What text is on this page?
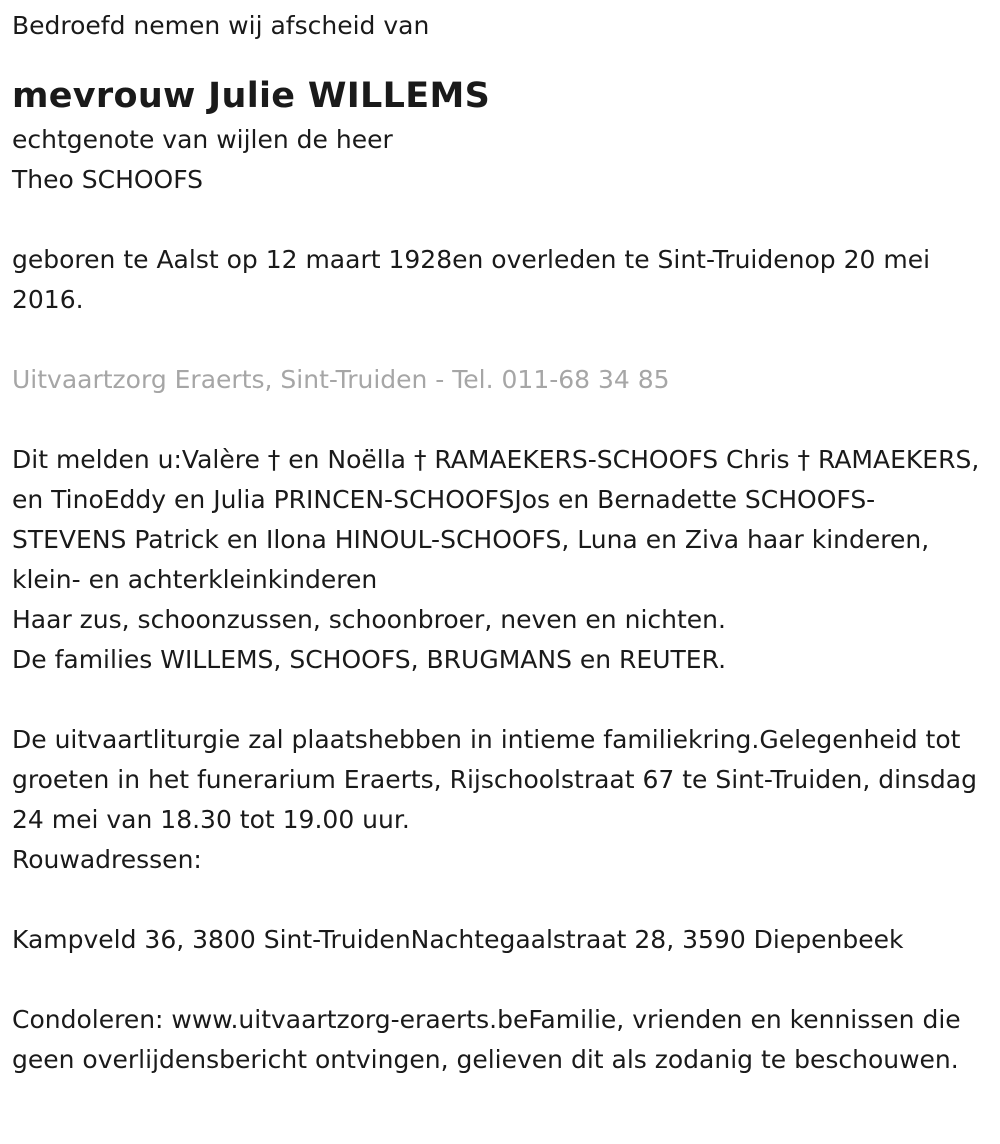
Bedroefd nemen wij afscheid van

mevrouw Julie WILLEMS

echtgenote van wijlen de heer

Theo SCHOOFS

geboren te Aalst op 12 maart 1928en overleden te Sint-Truidenop 20 mei 2016.

Uitvaartzorg Eraerts, Sint-Truiden - Tel. 011-68 34 85

Dit melden u:Valère † en Noëlla † RAMAEKERS-SCHOOFS Chris † RAMAEKERS, en TinoEddy en Julia PRINCEN-SCHOOFSJos en Bernadette SCHOOFS-STEVENS Patrick en Ilona HINOUL-SCHOOFS, Luna en Ziva haar kinderen, klein- en achterkleinkinderen

Haar zus, schoonzussen, schoonbroer, neven en nichten.

De families WILLEMS, SCHOOFS, BRUGMANS en REUTER.

De uitvaartliturgie zal plaatshebben in intieme familiekring.Gelegenheid tot groeten in het funerarium Eraerts, Rijschoolstraat 67 te Sint-Truiden, dinsdag 24 mei van 18.30 tot 19.00 uur.

Rouwadressen:

Kampveld 36, 3800 Sint-TruidenNachtegaalstraat 28, 3590 Diepenbeek

Condoleren: www.uitvaartzorg-eraerts.beFamilie, vrienden en kennissen die geen overlijdensbericht ontvingen, gelieven dit als zodanig te beschouwen.
